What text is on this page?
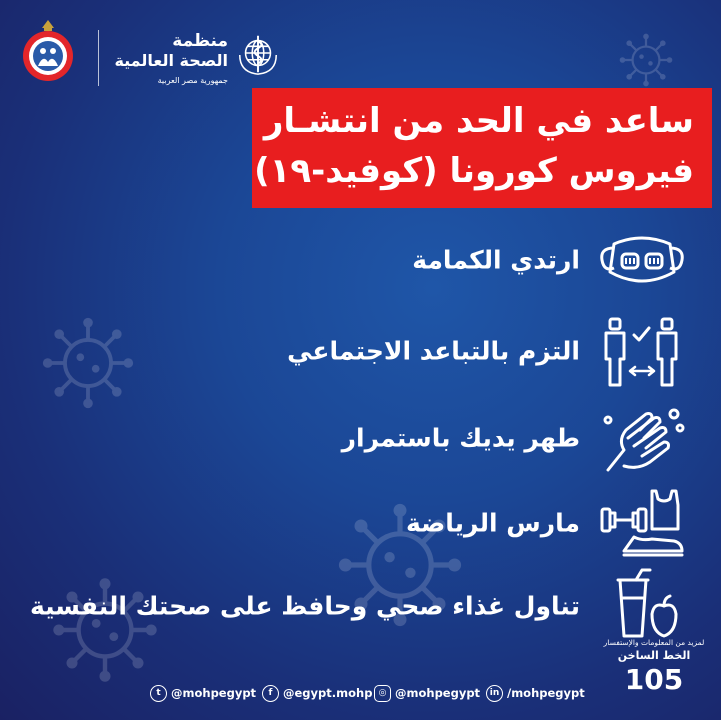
منظمة
الصحة العالمية
جمهورية مصر العربية
ساعد في الحد من انتشـار
فيروس كورونا (كوفيد-١٩)
ارتدي الكمامة
التزم بالتباعد الاجتماعي
طهر يديك باستمرار
مارس الرياضة
تناول غذاء صحي وحافظ على صحتك النفسية
لمزيد من المعلومات والإستفسار
الخط الساخن
105
t @mohpegypt	f @egypt.mohp ◎ @mohpegypt	in /mohpegypt
